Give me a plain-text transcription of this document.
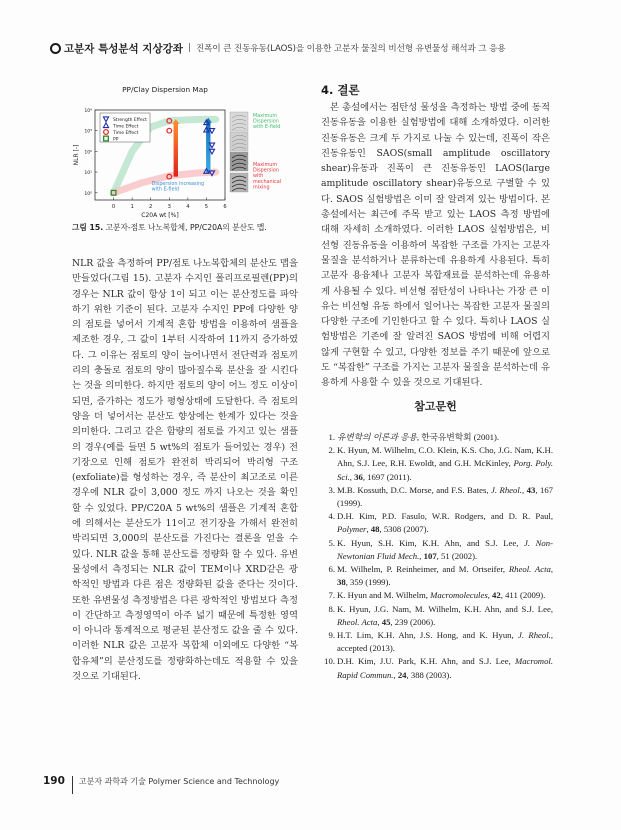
고분자 특성분석 지상강좌 | 진폭이 큰 진동유동(LAOS)을 이용한 고분자 물질의 비선형 유변물성 해석과 그 응용
PP/Clay Dispersion Map
0	1	2	3	4	5	6
10⁰
10¹
10²
10³
10⁴
C20A wt [%]
NLR [-]
Strength Effect
Time Effect
Time Effect
PP
Dispersion increasing with E-field
Maximum Dispersion with E-field
Maximum Dispersion with mechanical mixing
그림 15. 고분자-점토 나노복합체, PP/C20A의 분산도 맵.

NLR 값을 측정하여 PP/점토 나노복합체의 분산도 맵을 만들었다(그림 15). 고분자 수지인 폴리프로필렌(PP)의 경우는 NLR 값이 항상 1이 되고 이는 분산정도를 파악하기 위한 기준이 된다. 고분자 수지인 PP에 다양한 양의 점토를 넣어서 기계적 혼합 방법을 이용하여 샘플을 제조한 경우, 그 값이 1부터 시작하여 11까지 증가하였다. 그 이유는 점토의 양이 늘어나면서 전단력과 점토끼리의 충돌로 점토의 양이 많아질수록 분산을 잘 시킨다는 것을 의미한다. 하지만 점토의 양이 어느 정도 이상이 되면, 증가하는 정도가 평형상태에 도달한다. 즉 점토의 양을 더 넣어서는 분산도 향상에는 한계가 있다는 것을 의미한다. 그리고 같은 함량의 점토를 가지고 있는 샘플의 경우(예를 들면 5 wt%의 점토가 들어있는 경우) 전기장으로 인해 점토가 완전히 박리되어 박리형 구조(exfoliate)를 형성하는 경우, 즉 분산이 최고조로 이른 경우에 NLR 값이 3,000 정도 까지 나오는 것을 확인 할 수 있었다. PP/C20A 5 wt%의 샘플은 기계적 혼합에 의해서는 분산도가 11이고 전기장을 가해서 완전히 박리되면 3,000의 분산도를 가진다는 결론을 얻을 수 있다. NLR 값을 통해 분산도를 정량화 할 수 있다. 유변물성에서 측정되는 NLR 값이 TEM이나 XRD같은 광학적인 방법과 다른 점은 정량화된 값을 준다는 것이다. 또한 유변물성 측정방법은 다른 광학적인 방법보다 측정이 간단하고 측정영역이 아주 넓기 때문에 특정한 영역이 아니라 통계적으로 평균된 분산정도 값을 줄 수 있다. 이러한 NLR 값은 고분자 복합체 이외에도 다양한 “복합유체”의 분산정도를 정량화하는데도 적용할 수 있을 것으로 기대된다.

4. 결론

본 총설에서는 점탄성 물성을 측정하는 방법 중에 동적진동유동을 이용한 실험방법에 대해 소개하였다. 이러한 진동유동은 크게 두 가지로 나눌 수 있는데, 진폭이 작은 진동유동인 SAOS(small amplitude oscillatory shear)유동과 진폭이 큰 진동유동인 LAOS(large amplitude oscillatory shear)유동으로 구별할 수 있다. SAOS 실험방법은 이미 잘 알려져 있는 방법이다. 본 총설에서는 최근에 주목 받고 있는 LAOS 측정 방법에 대해 자세히 소개하였다. 이러한 LAOS 실험방법은, 비선형 진동유동을 이용하여 복잡한 구조를 가지는 고분자물질을 분석하거나 분류하는데 유용하게 사용된다. 특히 고분자 용융체나 고분자 복합재료를 분석하는데 유용하게 사용될 수 있다. 비선형 점탄성이 나타나는 가장 큰 이유는 비선형 유동 하에서 일어나는 복잡한 고분자 물질의 다양한 구조에 기인한다고 할 수 있다. 특히나 LAOS 실험방법은 기존에 잘 알려진 SAOS 방법에 비해 어렵지 않게 구현할 수 있고, 다양한 정보를 주기 때문에 앞으로도 “복잡한” 구조를 가지는 고분자 물질을 분석하는데 유용하게 사용할 수 있을 것으로 기대된다.

참고문헌

1. 유변학의 이론과 응용, 한국유변학회 (2001).

2. K. Hyun, M. Wilhelm, C.O. Klein, K.S. Cho, J.G. Nam, K.H. Ahn, S.J. Lee, R.H. Ewoldt, and G.H. McKinley, Porg. Poly. Sci., 36, 1697 (2011).

3. M.B. Kossuth, D.C. Morse, and F.S. Bates, J. Rheol., 43, 167 (1999).

4. D.H. Kim, P.D. Fasulo, W.R. Rodgers, and D. R. Paul, Polymer, 48, 5308 (2007).

5. K. Hyun, S.H. Kim, K.H. Ahn, and S.J. Lee, J. Non-Newtonian Fluid Mech., 107, 51 (2002).

6. M. Wilhelm, P. Reinheimer, and M. Ortseifer, Rheol. Acta, 38, 359 (1999).

7. K. Hyun and M. Wilhelm, Macromolecules, 42, 411 (2009).

8. K. Hyun, J.G. Nam, M. Wilhelm, K.H. Ahn, and S.J. Lee, Rheol. Acta, 45, 239 (2006).

9. H.T. Lim, K.H. Ahn, J.S. Hong, and K. Hyun, J. Rheol., accepted (2013).

10. D.H. Kim, J.U. Park, K.H. Ahn, and S.J. Lee, Macromol. Rapid Commun., 24, 388 (2003).

190 고분자 과학과 기술 Polymer Science and Technology
